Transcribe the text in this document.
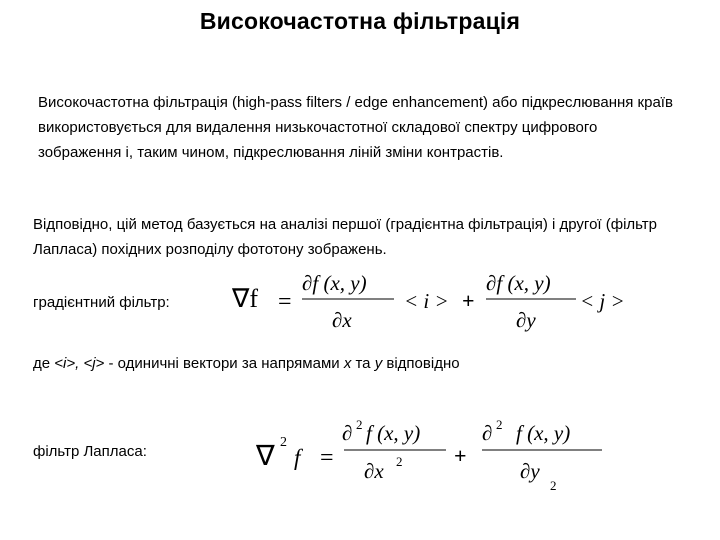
Високочастотна фільтрація
Високочастотна фільтрація (high-pass filters / edge enhancement) або підкреслювання країв використовується для видалення низькочастотної складової спектру цифрового зображення і, таким чином, підкреслювання ліній зміни контрастів.
Відповідно, цій метод базується на аналізі першої (градієнтна фільтрація) і другої (фільтр Лапласа) похідних розподілу фототону зображень.
градієнтний фільтр: ∇f =
∂f (x, y)
∂x
< i > +
∂f (x, y)
∂y
< j >
де <i>, <j> - одиничні вектори за напрямами x та y відповідно
фільтр Лапласа:	∇ 2
f =
∂ 2 f (x, y)
∂x 2 +
∂ 2 f (x, y)
∂y
2
